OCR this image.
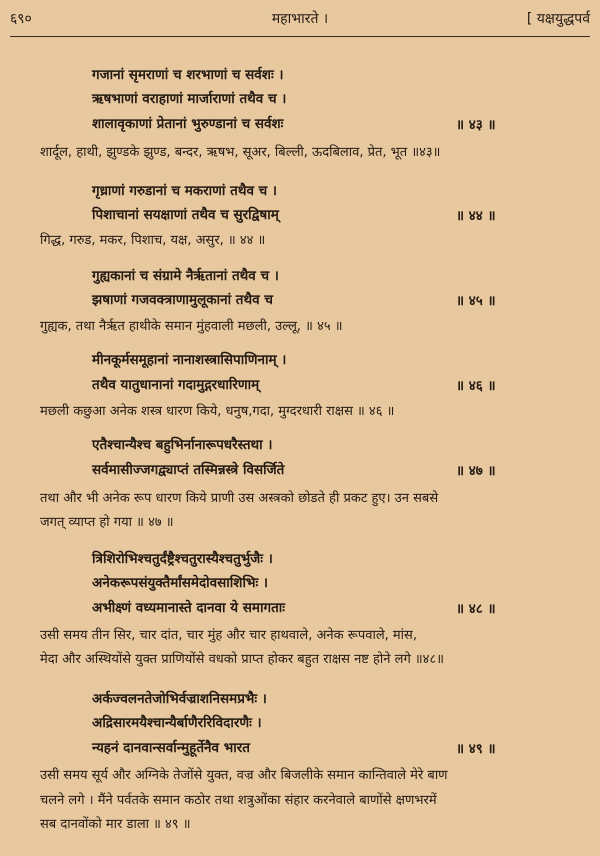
६९०	महाभारते ।	[ यक्षयुद्धपर्व
गजानां सृमराणां च शरभाणां च सर्वशः ।
ऋषभाणां वराहाणां मार्जाराणां तथैव च ।
शालावृकाणां प्रेतानां भुरुण्डानां च सर्वशः	॥ ४३ ॥
शार्दूल, हाथी, झुण्डके झुण्ड, बन्दर, ऋषभ, सूअर, बिल्ली, ऊदबिलाव, प्रेत, भूत ॥४३॥
गृध्राणां गरुडानां च मकराणां तथैव च ।
पिशाचानां सयक्षाणां तथैव च सुरद्विषाम्	॥ ४४ ॥
गिद्ध, गरुड, मकर, पिशाच, यक्ष, असुर, ॥ ४४ ॥
गुह्यकानां च संग्रामे नैर्ऋतानां तथैव च ।
झषाणां गजवक्त्राणामुलूकानां तथैव च	॥ ४५ ॥
गुह्यक, तथा नैर्ऋत हाथीके समान मुंहवाली मछली, उल्लू, ॥ ४५ ॥
मीनकूर्मसमूहानां नानाशस्त्रासिपाणिनाम् ।
तथैव यातुधानानां गदामुद्गरधारिणाम्	॥ ४६ ॥
मछली कछुआ अनेक शस्त्र धारण किये, धनुष,गदा, मुग्दरधारी राक्षस ॥ ४६ ॥
एतैश्चान्यैश्च बहुभिर्नानारूपधरैस्तथा ।
सर्वमासीज्जगद्व्याप्तं तस्मिन्नस्त्रे विसर्जिते	॥ ४७ ॥
तथा और भी अनेक रूप धारण किये प्राणी उस अस्त्रको छोडते ही प्रकट हुए। उन सबसे
जगत् व्याप्त हो गया ॥ ४७ ॥
त्रिशिरोभिश्चतुर्दंष्ट्रैश्चतुरास्यैश्चतुर्भुजैः ।
अनेकरूपसंयुक्तैर्मांसमेदोवसाशिभिः ।
अभीक्ष्णं वध्यमानास्ते दानवा ये समागताः	॥ ४८ ॥
उसी समय तीन सिर, चार दांत, चार मुंह और चार हाथवाले, अनेक रूपवाले, मांस,
मेदा और अस्थियोंसे युक्त प्राणियोंसे वधको प्राप्त होकर बहुत राक्षस नष्ट होने लगे ॥४८॥
अर्कज्वलनतेजोभिर्वज्राशनिसमप्रभैः ।
अद्रिसारमयैश्चान्यैर्बाणैररिविदारणैः ।
न्यहनं दानवान्सर्वान्मुहूर्तेनैव भारत	॥ ४९ ॥
उसी समय सूर्य और अग्निके तेजोंसे युक्त, वज्र और बिजलीके समान कान्तिवाले मेरे बाण
चलने लगे । मैंने पर्वतके समान कठोर तथा शत्रुओंका संहार करनेवाले बाणोंसे क्षणभरमें
सब दानवोंको मार डाला ॥ ४९ ॥
